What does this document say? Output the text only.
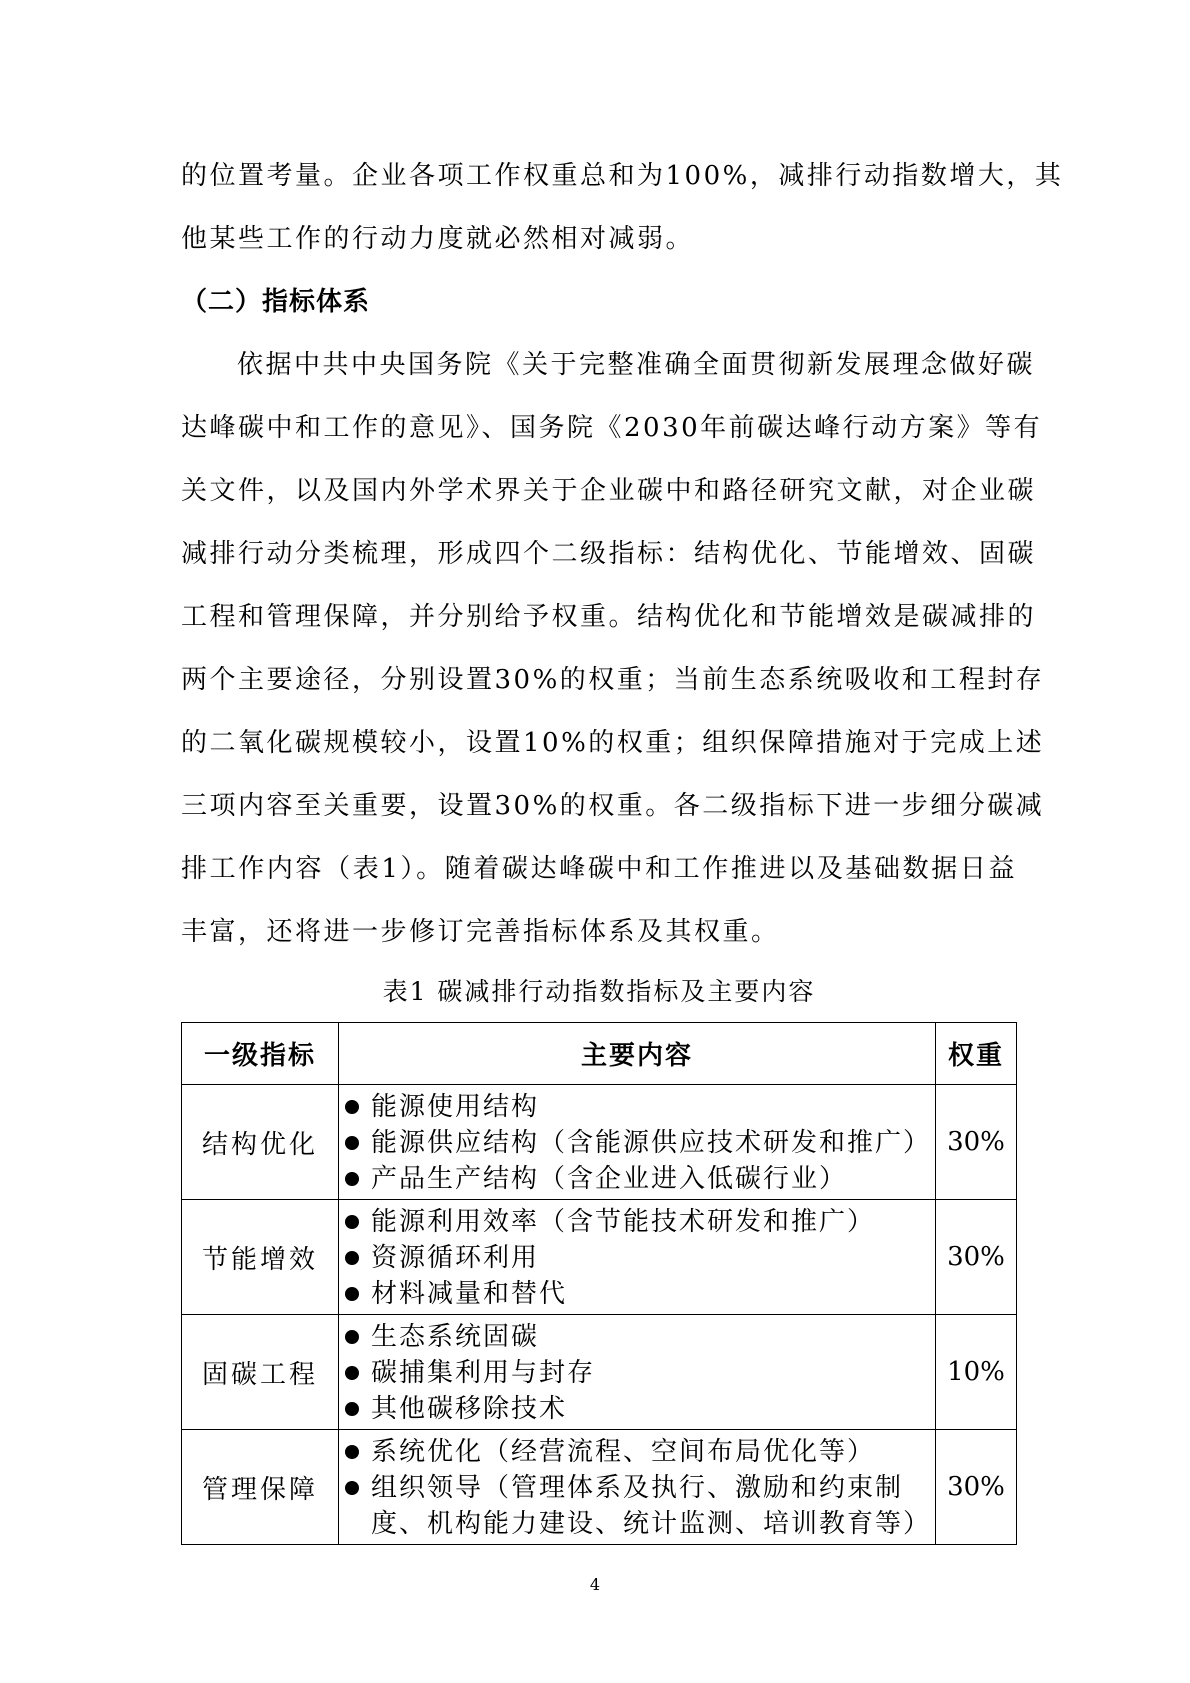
的位置考量。企业各项工作权重总和为100%，减排行动指数增大，其
他某些工作的行动力度就必然相对减弱。
（二）指标体系
依据中共中央国务院《关于完整准确全面贯彻新发展理念做好碳
达峰碳中和工作的意见》、国务院《2030年前碳达峰行动方案》等有
关文件，以及国内外学术界关于企业碳中和路径研究文献，对企业碳
减排行动分类梳理，形成四个二级指标：结构优化、节能增效、固碳
工程和管理保障，并分别给予权重。结构优化和节能增效是碳减排的
两个主要途径，分别设置30%的权重；当前生态系统吸收和工程封存
的二氧化碳规模较小，设置10%的权重；组织保障措施对于完成上述
三项内容至关重要，设置30%的权重。各二级指标下进一步细分碳减
排工作内容（表1）。随着碳达峰碳中和工作推进以及基础数据日益
丰富，还将进一步修订完善指标体系及其权重。
表1 碳减排行动指数指标及主要内容
一级指标	主要内容	权重
结构优化	能源使用结构
能源供应结构（含能源供应技术研发和推广）
产品生产结构（含企业进入低碳行业）	30%
节能增效	能源利用效率（含节能技术研发和推广）
资源循环利用
材料减量和替代	30%
固碳工程	生态系统固碳
碳捕集利用与封存
其他碳移除技术	10%
管理保障	系统优化（经营流程、空间布局优化等）
组织领导（管理体系及执行、激励和约束制度、机构能力建设、统计监测、培训教育等）	30%
4
